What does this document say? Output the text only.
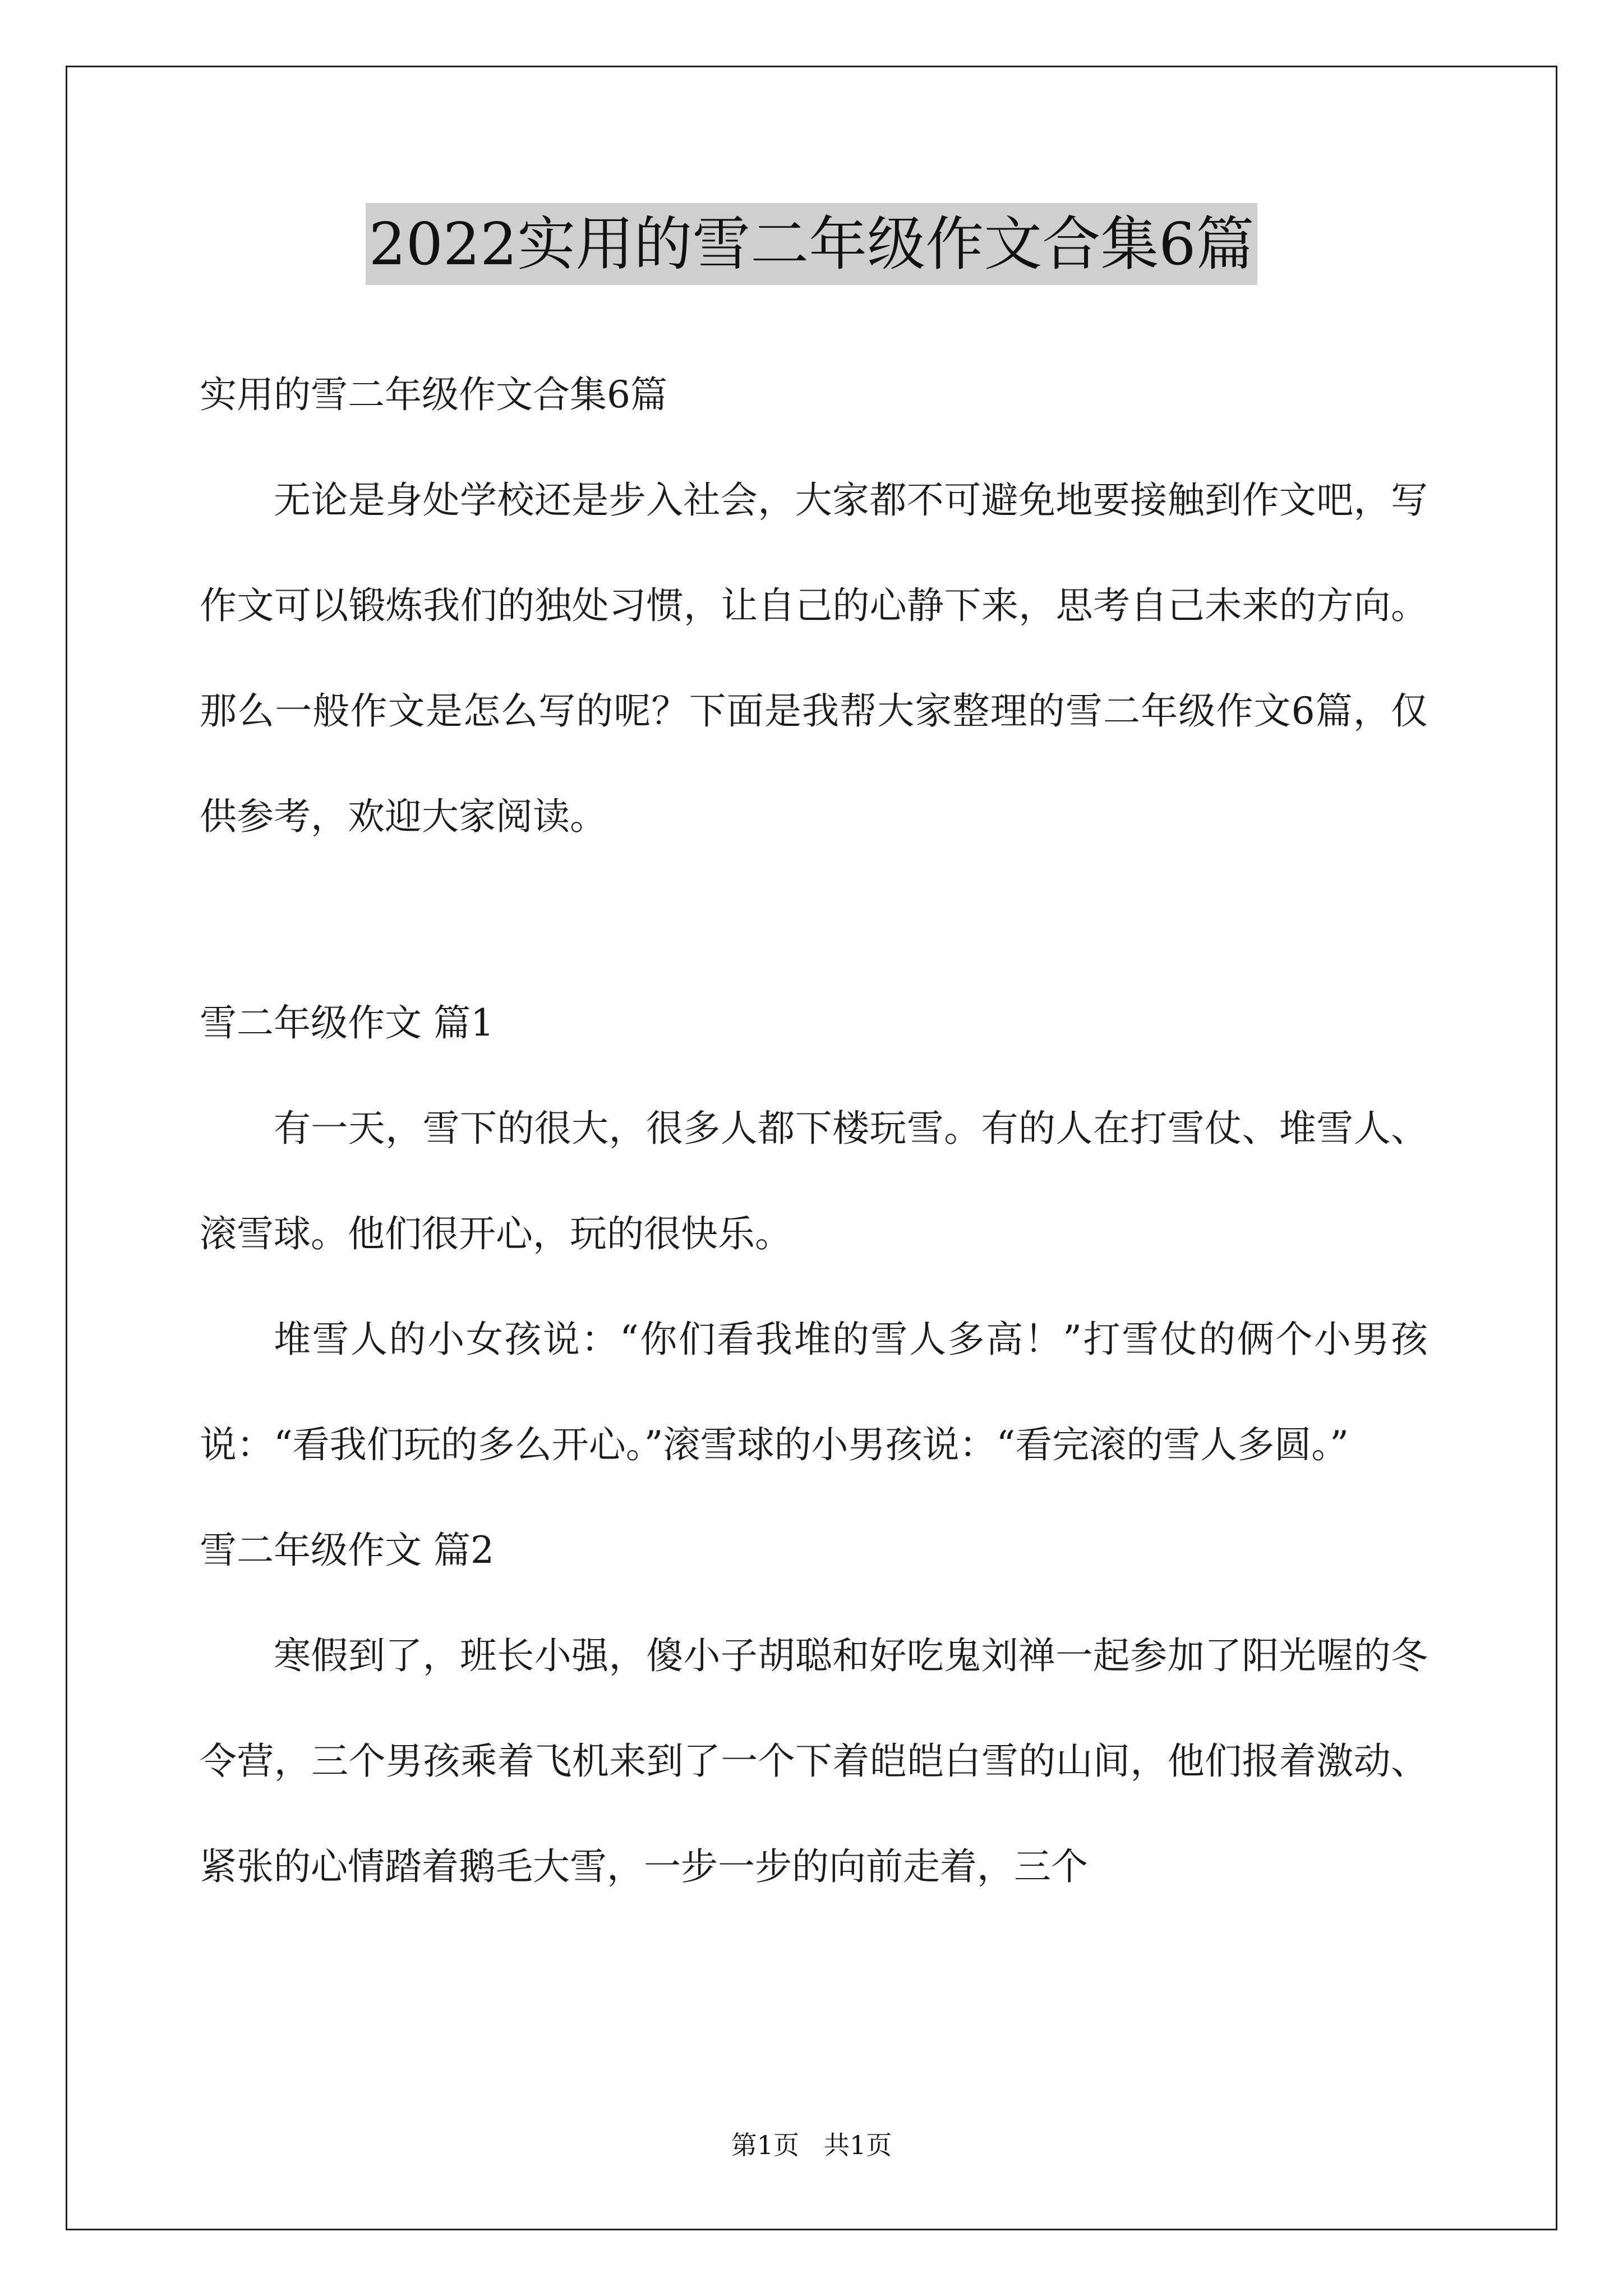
2022实用的雪二年级作文合集6篇

实用的雪二年级作文合集6篇

无论是身处学校还是步入社会，大家都不可避免地要接触到作文吧，写作文可以锻炼我们的独处习惯，让自己的心静下来，思考自己未来的方向。那么一般作文是怎么写的呢？下面是我帮大家整理的雪二年级作文6篇，仅供参考，欢迎大家阅读。

雪二年级作文 篇1

有一天，雪下的很大，很多人都下楼玩雪。有的人在打雪仗、堆雪人、滚雪球。他们很开心，玩的很快乐。

堆雪人的小女孩说：“你们看我堆的雪人多高！”打雪仗的俩个小男孩说：“看我们玩的多么开心。”滚雪球的小男孩说：“看完滚的雪人多圆。”

雪二年级作文 篇2

寒假到了，班长小强，傻小子胡聪和好吃鬼刘禅一起参加了阳光喔的冬令营，三个男孩乘着飞机来到了一个下着皑皑白雪的山间，他们报着激动、紧张的心情踏着鹅毛大雪，一步一步的向前走着，三个

第1页 共1页
